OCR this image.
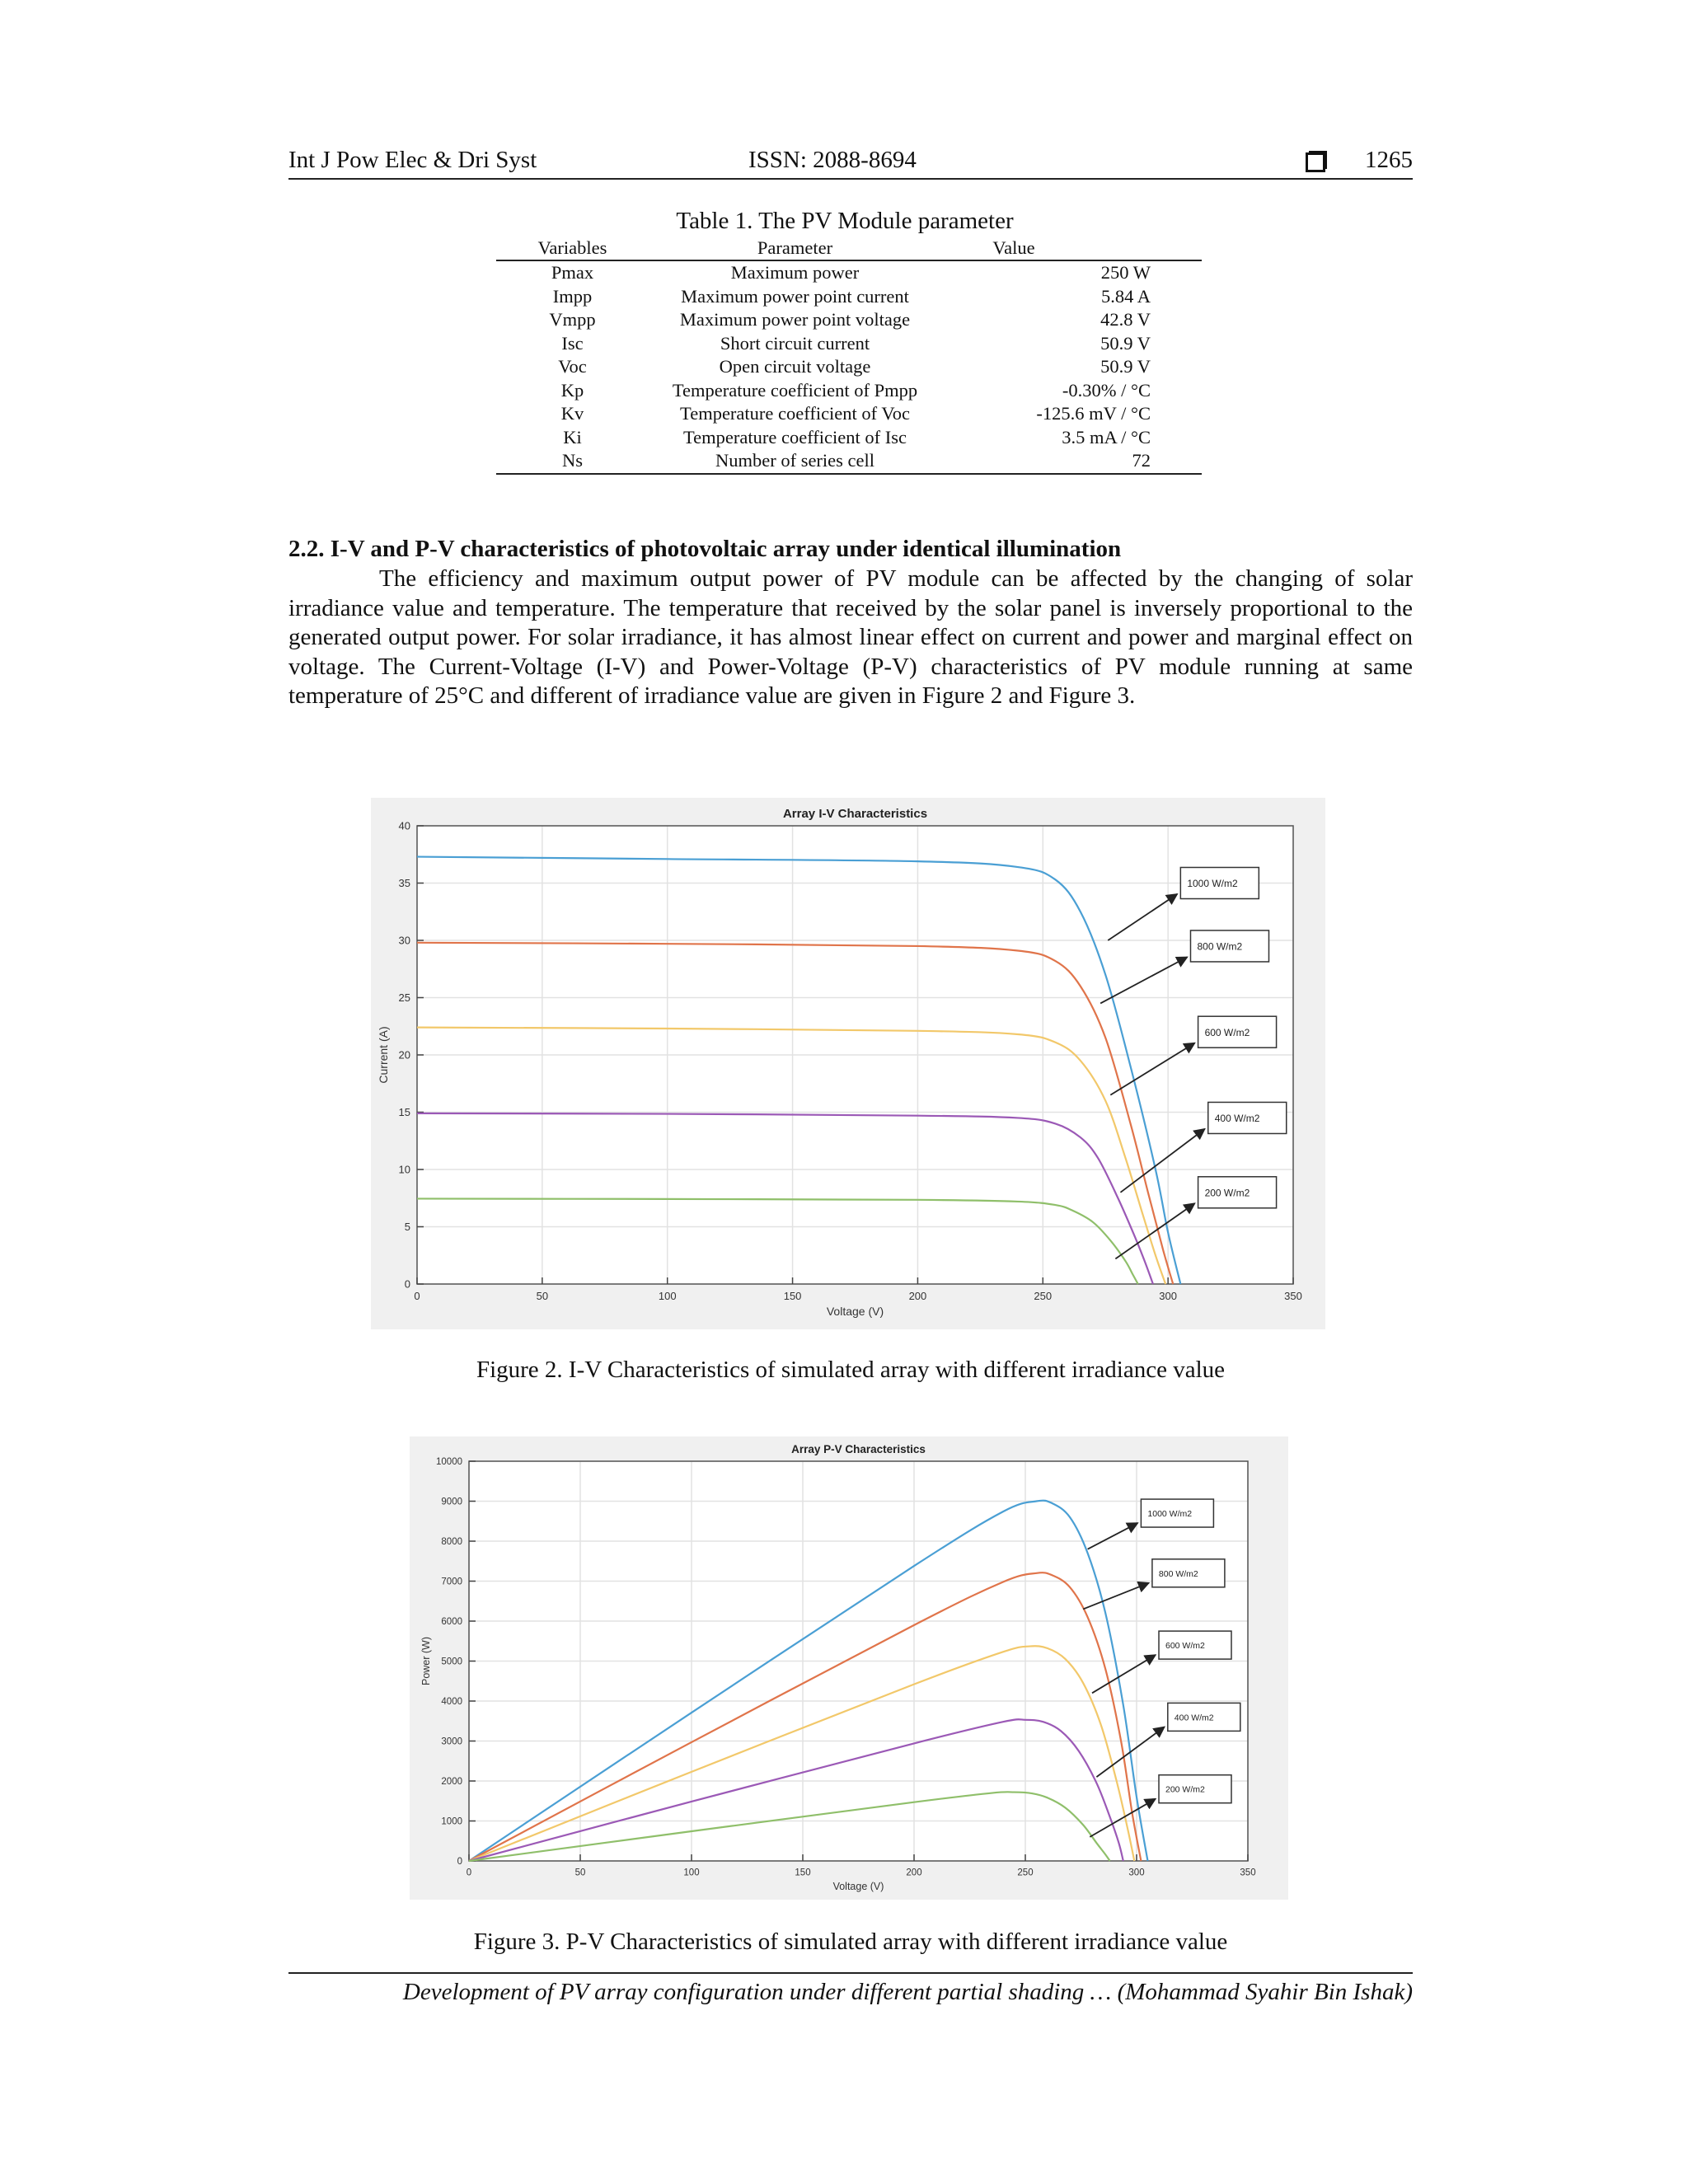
Int J Pow Elec & Dri Syst	ISSN: 2088-8694	1265
Table 1. The PV Module parameter
Variables	Parameter	Value
Pmax	Maximum power	250 W
Impp	Maximum power point current	5.84 A
Vmpp	Maximum power point voltage	42.8 V
Isc	Short circuit current	50.9 V
Voc	Open circuit voltage	50.9 V
Kp	Temperature coefficient of Pmpp	-0.30% / °C
Kv	Temperature coefficient of Voc	-125.6 mV / °C
Ki	Temperature coefficient of Isc	3.5 mA / °C
Ns	Number of series cell	72
2.2. I-V and P-V characteristics of photovoltaic array under identical illumination
The efficiency and maximum output power of PV module can be affected by the changing of solar irradiance value and temperature. The temperature that received by the solar panel is inversely proportional to the generated output power. For solar irradiance, it has almost linear effect on current and power and marginal effect on voltage. The Current-Voltage (I-V) and Power-Voltage (P-V) characteristics of PV module running at same temperature of 25°C and different of irradiance value are given in Figure 2 and Figure 3.
0	50	100	150	200	250	300	350
0
5
10
15
20
25
30
35
40
Array I-V Characteristics
Voltage (V)
Current (A)
1000 W/m2
800 W/m2
600 W/m2
400 W/m2
200 W/m2
Figure 2. I-V Characteristics of simulated array with different irradiance value
0	50	100	150	200	250	300	350
0
1000
2000
3000
4000
5000
6000
7000
8000
9000
10000
Array P-V Characteristics
Voltage (V)
Power (W)
1000 W/m2
800 W/m2
600 W/m2
400 W/m2
200 W/m2
Figure 3. P-V Characteristics of simulated array with different irradiance value
Development of PV array configuration under different partial shading … (Mohammad Syahir Bin Ishak)
